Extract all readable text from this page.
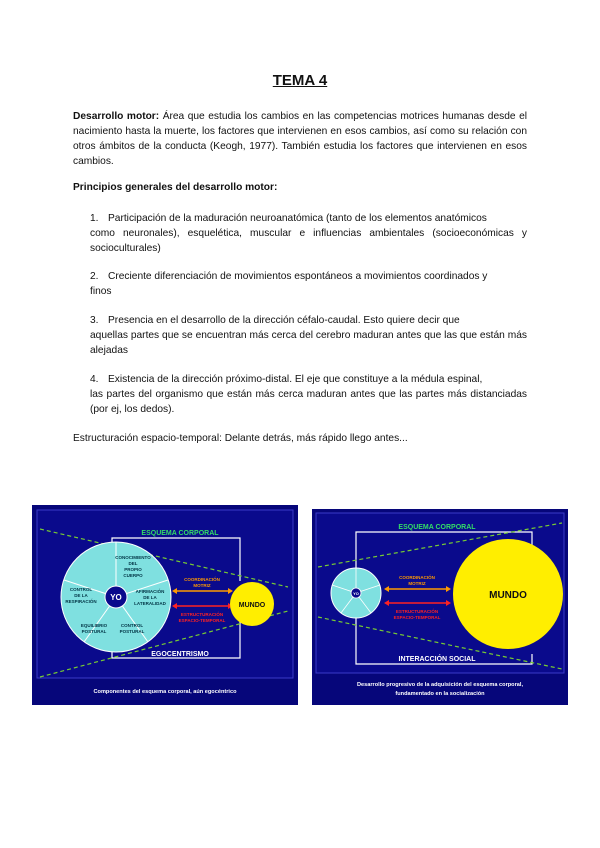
TEMA 4
Desarrollo motor: Área que estudia los cambios en las competencias motrices humanas desde el nacimiento hasta la muerte, los factores que intervienen en esos cambios, así como su relación con otros ámbitos de la conducta (Keogh, 1977). También estudia los factores que intervienen en esos cambios.
Principios generales del desarrollo motor:
1. Participación de la maduración neuroanatómica (tanto de los elementos anatómicos
como neuronales), esquelética, muscular e influencias ambientales (socioeconómicas y socioculturales)
2. Creciente diferenciación de movimientos espontáneos a movimientos coordinados y
finos
3. Presencia en el desarrollo de la dirección céfalo-caudal. Esto quiere decir que
aquellas partes que se encuentran más cerca del cerebro maduran antes que las que están más alejadas
4. Existencia de la dirección próximo-distal. El eje que constituye a la médula espinal,
las partes del organismo que están más cerca maduran antes que las partes más distanciadas (por ej, los dedos).
Estructuración espacio-temporal: Delante detrás, más rápido llego antes...
ESQUEMA CORPORAL
EGOCENTRISMO
YO
CONOCIMIENTO DEL PROPIO CUERPO
AFIRMACIÓN DE LA LATERALIDAD
CONTROL POSTURAL
EQUILIBRIO POSTURAL
CONTROL DE LA RESPIRACIÓN
COORDINACIÓN MOTRIZ
ESTRUCTURACIÓN ESPACIO-TEMPORAL
MUNDO
Componentes del esquema corporal, aún egocéntrico
ESQUEMA CORPORAL
INTERACCIÓN SOCIAL
YO
COORDINACIÓN MOTRIZ
ESTRUCTURACIÓN ESPACIO-TEMPORAL
MUNDO
Desarrollo progresivo de la adquisición del esquema corporal,
fundamentado en la socialización
